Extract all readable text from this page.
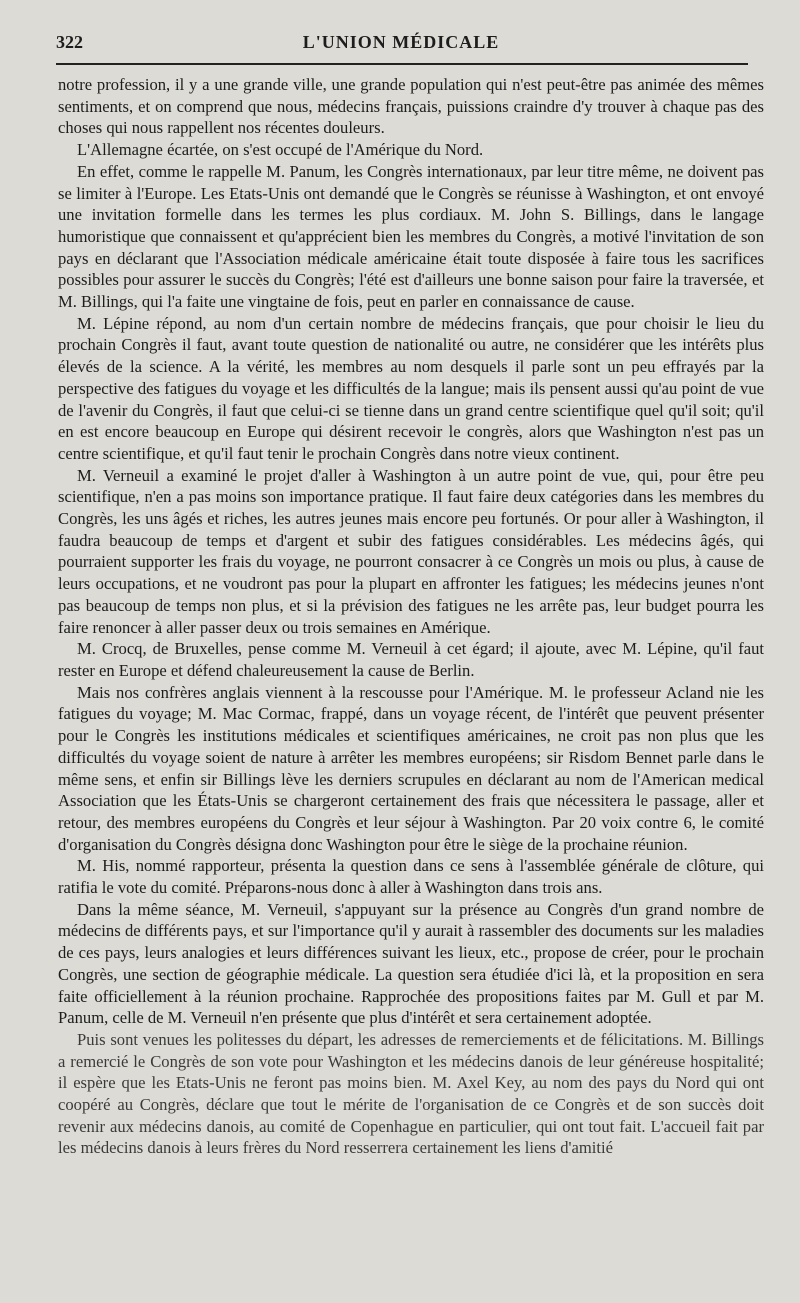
322	L'UNION MÉDICALE

notre profession, il y a une grande ville, une grande population qui n'est peut-être pas animée des mêmes sentiments, et on comprend que nous, médecins français, puissions craindre d'y trouver à chaque pas des choses qui nous rappellent nos récentes douleurs.

L'Allemagne écartée, on s'est occupé de l'Amérique du Nord.

En effet, comme le rappelle M. Panum, les Congrès internationaux, par leur titre même, ne doivent pas se limiter à l'Europe. Les Etats-Unis ont demandé que le Congrès se réunisse à Washington, et ont envoyé une invitation formelle dans les termes les plus cordiaux. M. John S. Billings, dans le langage humoristique que connaissent et qu'apprécient bien les membres du Congrès, a motivé l'invitation de son pays en déclarant que l'Association médicale américaine était toute disposée à faire tous les sacrifices possibles pour assurer le succès du Congrès; l'été est d'ailleurs une bonne saison pour faire la traversée, et M. Billings, qui l'a faite une vingtaine de fois, peut en parler en connaissance de cause.

M. Lépine répond, au nom d'un certain nombre de médecins français, que pour choisir le lieu du prochain Congrès il faut, avant toute question de nationalité ou autre, ne considérer que les intérêts plus élevés de la science. A la vérité, les membres au nom desquels il parle sont un peu effrayés par la perspective des fatigues du voyage et les difficultés de la langue; mais ils pensent aussi qu'au point de vue de l'avenir du Congrès, il faut que celui-ci se tienne dans un grand centre scientifique quel qu'il soit; qu'il en est encore beaucoup en Europe qui désirent recevoir le congrès, alors que Washington n'est pas un centre scientifique, et qu'il faut tenir le prochain Congrès dans notre vieux continent.

M. Verneuil a examiné le projet d'aller à Washington à un autre point de vue, qui, pour être peu scientifique, n'en a pas moins son importance pratique. Il faut faire deux catégories dans les membres du Congrès, les uns âgés et riches, les autres jeunes mais encore peu fortunés. Or pour aller à Washington, il faudra beaucoup de temps et d'argent et subir des fatigues considérables. Les médecins âgés, qui pourraient supporter les frais du voyage, ne pourront consacrer à ce Congrès un mois ou plus, à cause de leurs occupations, et ne voudront pas pour la plupart en affronter les fatigues; les médecins jeunes n'ont pas beaucoup de temps non plus, et si la prévision des fatigues ne les arrête pas, leur budget pourra les faire renoncer à aller passer deux ou trois semaines en Amérique.

M. Crocq, de Bruxelles, pense comme M. Verneuil à cet égard; il ajoute, avec M. Lépine, qu'il faut rester en Europe et défend chaleureusement la cause de Berlin.

Mais nos confrères anglais viennent à la rescousse pour l'Amérique. M. le professeur Acland nie les fatigues du voyage; M. Mac Cormac, frappé, dans un voyage récent, de l'intérêt que peuvent présenter pour le Congrès les institutions médicales et scientifiques américaines, ne croit pas non plus que les difficultés du voyage soient de nature à arrêter les membres européens; sir Risdom Bennet parle dans le même sens, et enfin sir Billings lève les derniers scrupules en déclarant au nom de l'American medical Association que les États-Unis se chargeront certainement des frais que nécessitera le passage, aller et retour, des membres européens du Congrès et leur séjour à Washington. Par 20 voix contre 6, le comité d'organisation du Congrès désigna donc Washington pour être le siège de la prochaine réunion.

M. His, nommé rapporteur, présenta la question dans ce sens à l'assemblée générale de clôture, qui ratifia le vote du comité. Préparons-nous donc à aller à Washington dans trois ans.

Dans la même séance, M. Verneuil, s'appuyant sur la présence au Congrès d'un grand nombre de médecins de différents pays, et sur l'importance qu'il y aurait à rassembler des documents sur les maladies de ces pays, leurs analogies et leurs différences suivant les lieux, etc., propose de créer, pour le prochain Congrès, une section de géographie médicale. La question sera étudiée d'ici là, et la proposition en sera faite officiellement à la réunion prochaine. Rapprochée des propositions faites par M. Gull et par M. Panum, celle de M. Verneuil n'en présente que plus d'intérêt et sera certainement adoptée.

Puis sont venues les politesses du départ, les adresses de remerciements et de félicitations. M. Billings a remercié le Congrès de son vote pour Washington et les médecins danois de leur généreuse hospitalité; il espère que les Etats-Unis ne feront pas moins bien. M. Axel Key, au nom des pays du Nord qui ont coopéré au Congrès, déclare que tout le mérite de l'organisation de ce Congrès et de son succès doit revenir aux médecins danois, au comité de Copenhague en particulier, qui ont tout fait. L'accueil fait par les médecins danois à leurs frères du Nord resserrera certainement les liens d'amitié
